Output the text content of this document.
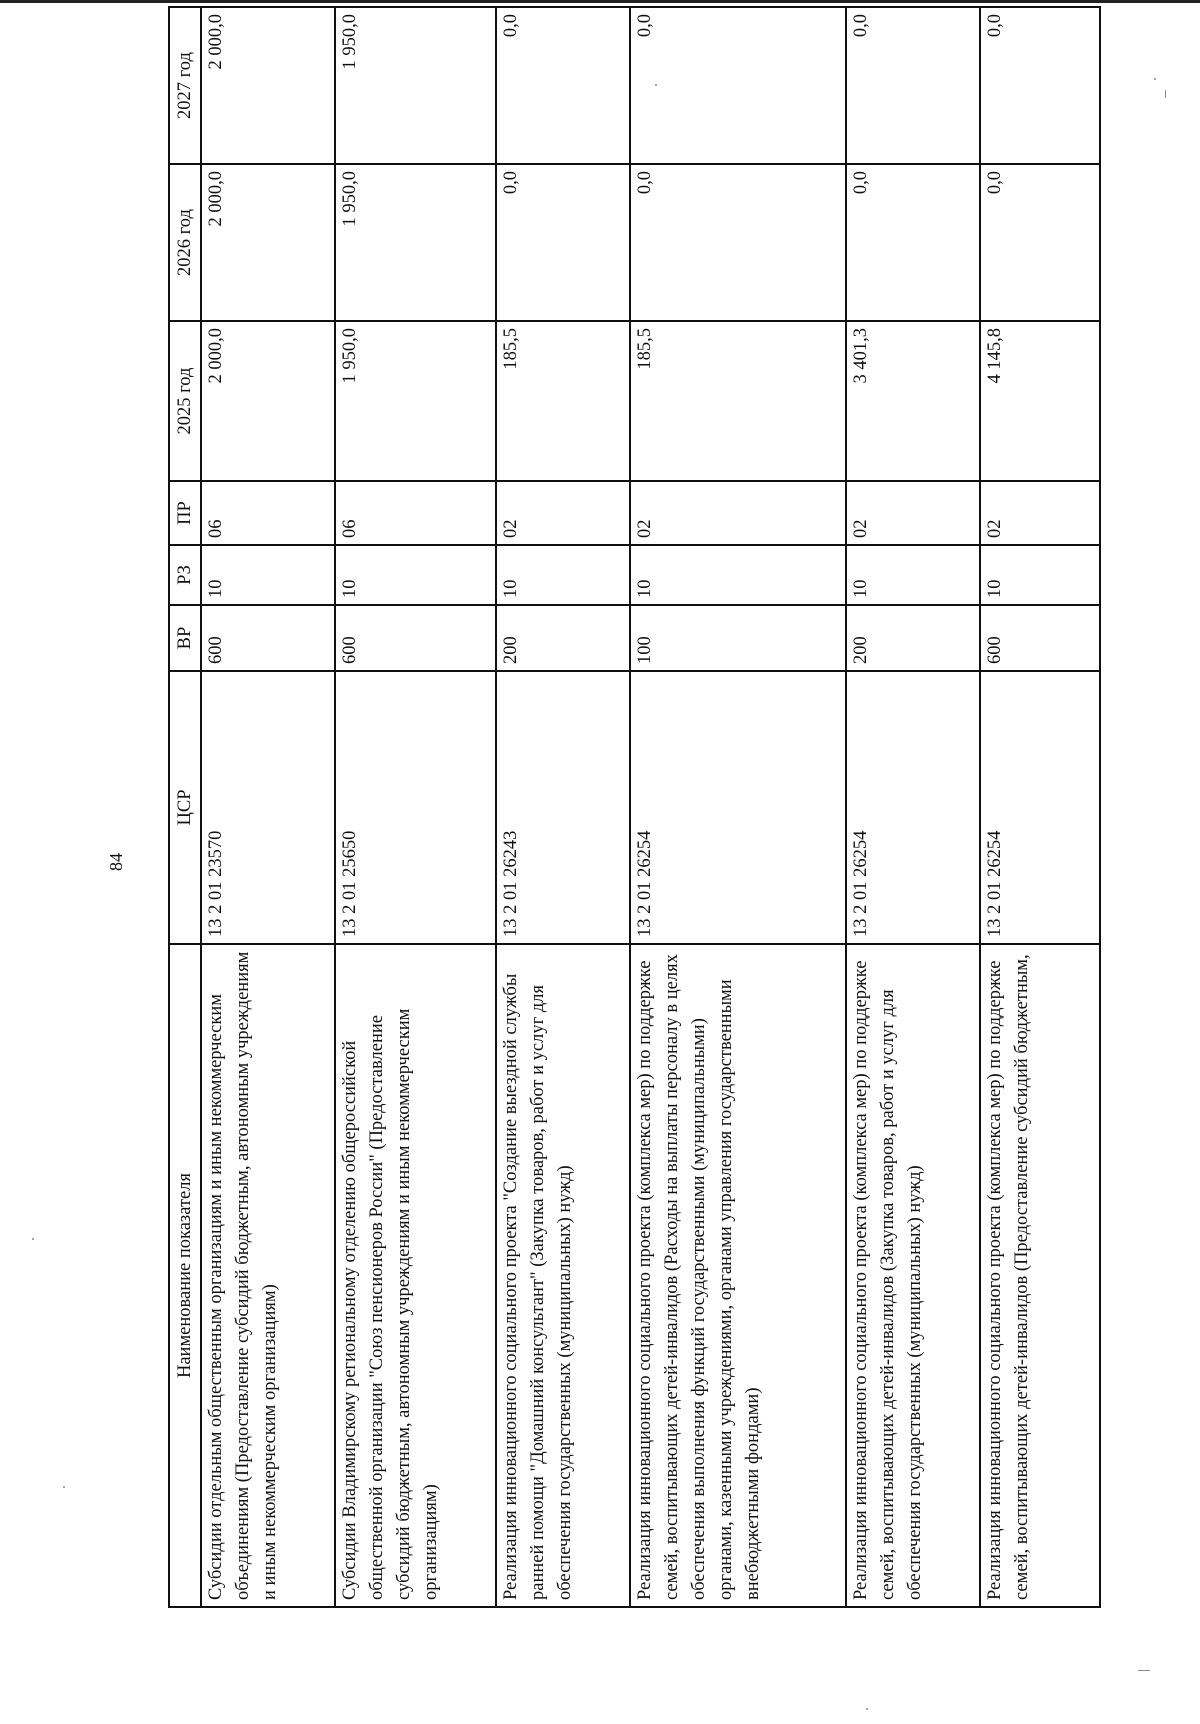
84
Наименование показателя	ЦСР	ВР	РЗ	ПР	2025 год	2026 год	2027 год
Субсидии отдельным общественным организациям и иным некоммерческим объединениям (Предоставление субсидий бюджетным, автономным учреждениям и иным некоммерческим организациям)	13 2 01 23570	600	10	06	2 000,0	2 000,0	2 000,0
Субсидии Владимирскому региональному отделению общероссийской общественной организации "Союз пенсионеров России" (Предоставление субсидий бюджетным, автономным учреждениям и иным некоммерческим организациям)	13 2 01 25650	600	10	06	1 950,0	1 950,0	1 950,0
Реализация инновационного социального проекта "Создание выездной службы ранней помощи "Домашний консультант" (Закупка товаров, работ и услуг для обеспечения государственных (муниципальных) нужд)	13 2 01 26243	200	10	02	185,5	0,0	0,0
Реализация инновационного социального проекта (комплекса мер) по поддержке семей, воспитывающих детей-инвалидов (Расходы на выплаты персоналу в целях обеспечения выполнения функций государственными (муниципальными) органами, казенными учреждениями, органами управления государственными внебюджетными фондами)	13 2 01 26254	100	10	02	185,5	0,0	0,0
Реализация инновационного социального проекта (комплекса мер) по поддержке семей, воспитывающих детей-инвалидов (Закупка товаров, работ и услуг для обеспечения государственных (муниципальных) нужд)	13 2 01 26254	200	10	02	3 401,3	0,0	0,0
Реализация инновационного социального проекта (комплекса мер) по поддержке семей, воспитывающих детей-инвалидов (Предоставление субсидий бюджетным,	13 2 01 26254	600	10	02	4 145,8	0,0	0,0
